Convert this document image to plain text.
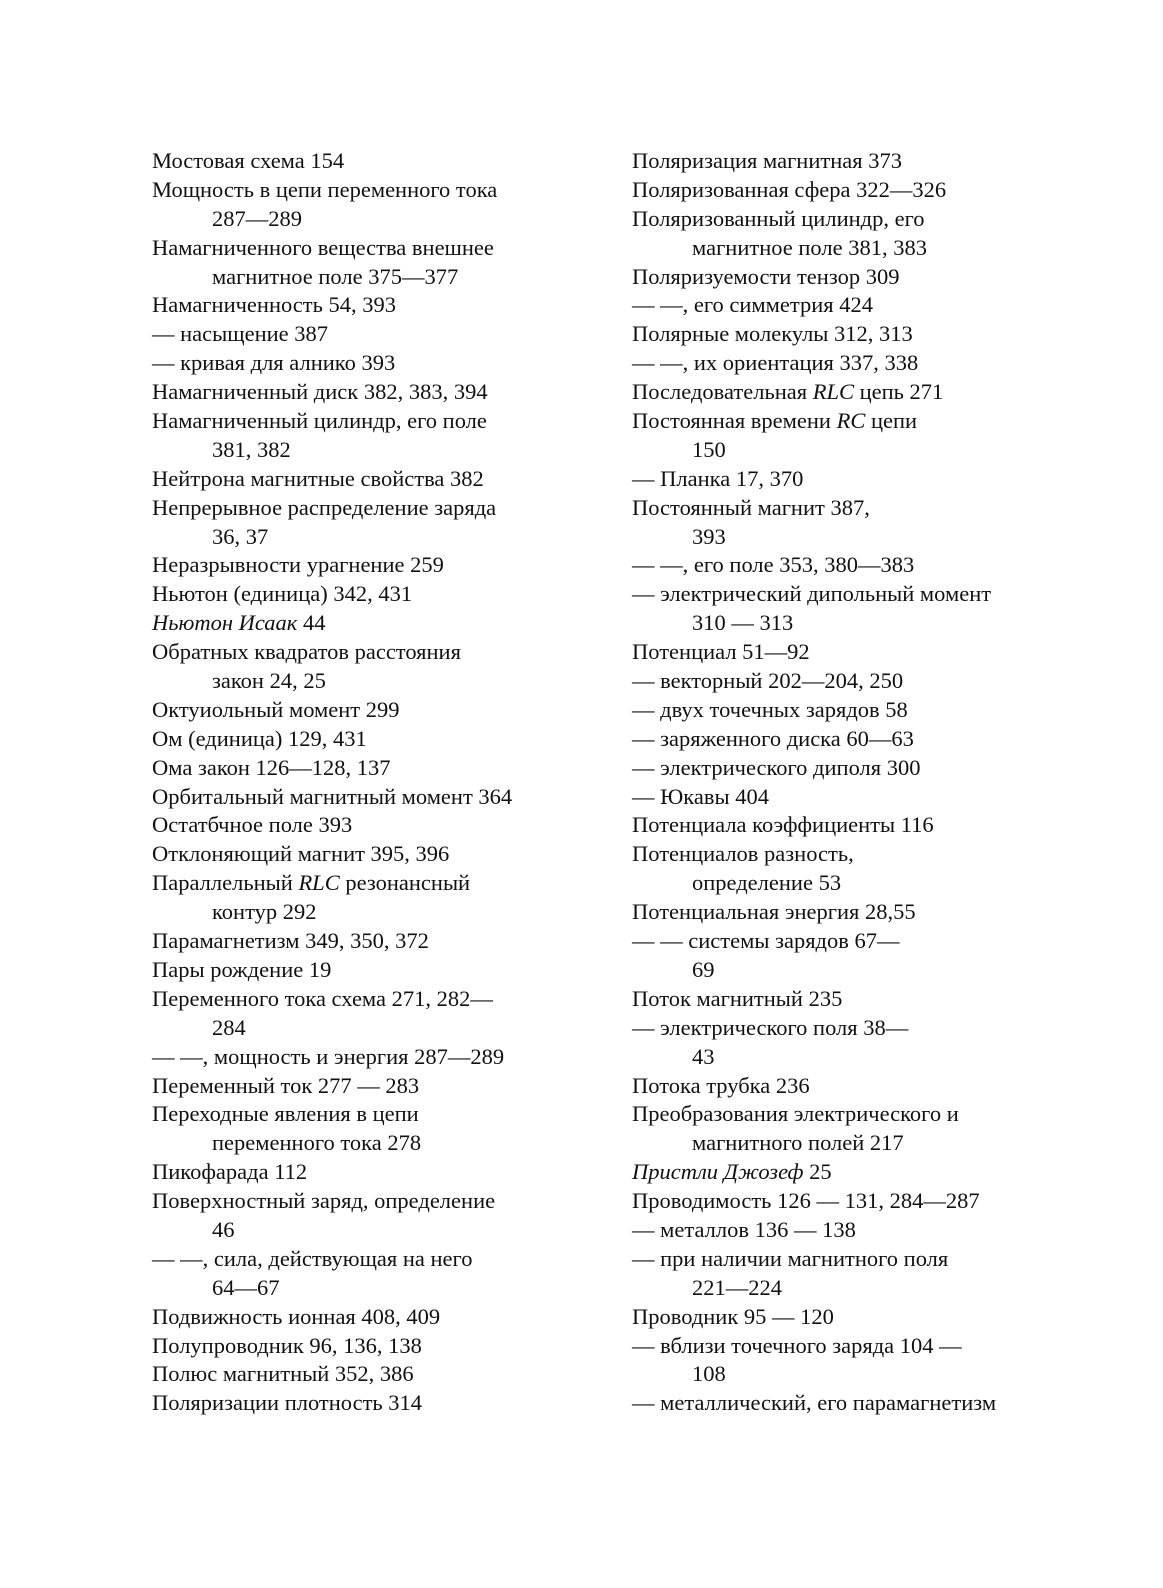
Мостовая схема 154
Мощность в цепи переменного тока
287—289
Намагниченного вещества внешнее
магнитное поле 375—377
Намагниченность 54, 393
— насыщение 387
— кривая для алнико 393
Намагниченный диск 382, 383, 394
Намагниченный цилиндр, его поле
381, 382
Нейтрона магнитные свойства 382
Непрерывное распределение заряда
36, 37
Неразрывности урагнение 259
Ньютон (единица) 342, 431
Ньютон Исаак 44
Обратных квадратов расстояния
закон 24, 25
Октуиольный момент 299
Ом (единица) 129, 431
Ома закон 126—128, 137
Орбитальный магнитный момент 364
Остатбчное поле 393
Отклоняющий магнит 395, 396
Параллельный RLC резонансный
контур 292
Парамагнетизм 349, 350, 372
Пары рождение 19
Переменного тока схема 271, 282—
284
— —, мощность и энергия 287—289
Переменный ток 277 — 283
Переходные явления в цепи
переменного тока 278
Пикофарада 112
Поверхностный заряд, определение
46
— —, сила, действующая на него
64—67
Подвижность ионная 408, 409
Полупроводник 96, 136, 138
Полюс магнитный 352, 386
Поляризации плотность 314
Поляризация магнитная 373
Поляризованная сфера 322—326
Поляризованный цилиндр, его
магнитное поле 381, 383
Поляризуемости тензор 309
— —, его симметрия 424
Полярные молекулы 312, 313
— —, их ориентация 337, 338
Последовательная RLC цепь 271
Постоянная времени RC цепи
150
— Планка 17, 370
Постоянный магнит 387,
393
— —, его поле 353, 380—383
— электрический дипольный момент
310 — 313
Потенциал 51—92
— векторный 202—204, 250
— двух точечных зарядов 58
— заряженного диска 60—63
— электрического диполя 300
— Юкавы 404
Потенциала коэффициенты 116
Потенциалов разность,
определение 53
Потенциальная энергия 28,55
— — системы зарядов 67—
69
Поток магнитный 235
— электрического поля 38—
43
Потока трубка 236
Преобразования электрического и
магнитного полей 217
Пристли Джозеф 25
Проводимость 126 — 131, 284—287
— металлов 136 — 138
— при наличии магнитного поля
221—224
Проводник 95 — 120
— вблизи точечного заряда 104 —
108
— металлический, его парамагнетизм
